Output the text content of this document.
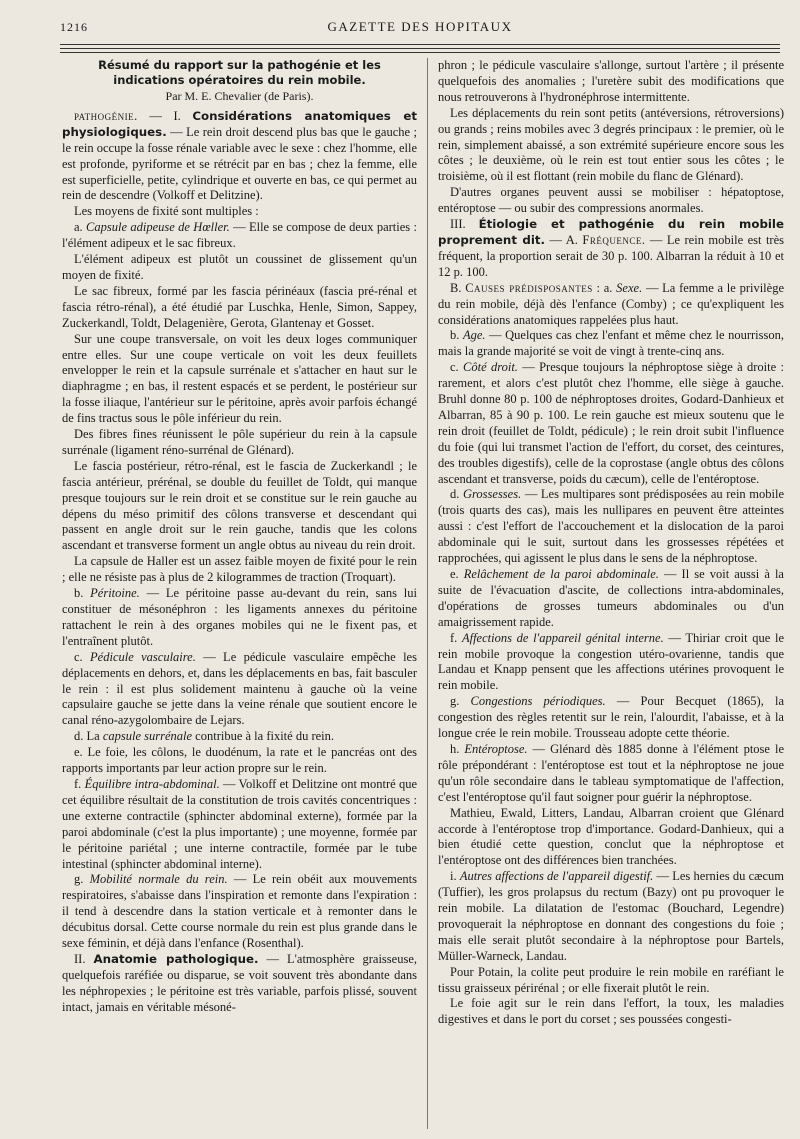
1216	GAZETTE DES HOPITAUX
Résumé du rapport sur la pathogénie et les indications opératoires du rein mobile.
Par M. E. Chevalier (de Paris).

pathogénie. — I. Considérations anatomiques et physiologiques. — Le rein droit descend plus bas que le gauche ; le rein occupe la fosse rénale variable avec le sexe : chez l'homme, elle est profonde, pyriforme et se rétrécit par en bas ; chez la femme, elle est superficielle, petite, cylindrique et ouverte en bas, ce qui permet au rein de descendre (Volkoff et Delitzine).

Les moyens de fixité sont multiples :

a. Capsule adipeuse de Hœller. — Elle se compose de deux parties : l'élément adipeux et le sac fibreux.

L'élément adipeux est plutôt un coussinet de glissement qu'un moyen de fixité.

Le sac fibreux, formé par les fascia périnéaux (fascia pré-rénal et fascia rétro-rénal), a été étudié par Luschka, Henle, Simon, Sappey, Zuckerkandl, Toldt, Delagenière, Gerota, Glantenay et Gosset.

Sur une coupe transversale, on voit les deux loges communiquer entre elles. Sur une coupe verticale on voit les deux feuillets envelopper le rein et la capsule surrénale et s'attacher en haut sur le diaphragme ; en bas, il restent espacés et se perdent, le postérieur sur la fosse iliaque, l'antérieur sur le péritoine, après avoir parfois échangé de fins tractus sous le pôle inférieur du rein.

Des fibres fines réunissent le pôle supérieur du rein à la capsule surrénale (ligament réno-surrénal de Glénard).

Le fascia postérieur, rétro-rénal, est le fascia de Zuckerkandl ; le fascia antérieur, prérénal, se double du feuillet de Toldt, qui manque presque toujours sur le rein droit et se constitue sur le rein gauche au dépens du méso primitif des côlons transverse et descendant qui passent en angle droit sur le rein gauche, tandis que les colons ascendant et transverse forment un angle obtus au niveau du rein droit.

La capsule de Haller est un assez faible moyen de fixité pour le rein ; elle ne résiste pas à plus de 2 kilogrammes de traction (Troquart).

b. Péritoine. — Le péritoine passe au-devant du rein, sans lui constituer de mésonéphron : les ligaments annexes du péritoine rattachent le rein à des organes mobiles qui ne le fixent pas, et l'entraînent plutôt.

c. Pédicule vasculaire. — Le pédicule vasculaire empêche les déplacements en dehors, et, dans les déplacements en bas, fait basculer le rein : il est plus solidement maintenu à gauche où la veine capsulaire gauche se jette dans la veine rénale que soutient encore le canal réno-azygolombaire de Lejars.

d. La capsule surrénale contribue à la fixité du rein.

e. Le foie, les côlons, le duodénum, la rate et le pancréas ont des rapports importants par leur action propre sur le rein.

f. Équilibre intra-abdominal. — Volkoff et Delitzine ont montré que cet équilibre résultait de la constitution de trois cavités concentriques : une externe contractile (sphincter abdominal externe), formée par la paroi abdominale (c'est la plus importante) ; une moyenne, formée par le péritoine pariétal ; une interne contractile, formée par le tube intestinal (sphincter abdominal interne).

g. Mobilité normale du rein. — Le rein obéit aux mouvements respiratoires, s'abaisse dans l'inspiration et remonte dans l'expiration : il tend à descendre dans la station verticale et à remonter dans le décubitus dorsal. Cette course normale du rein est plus grande dans le sexe féminin, et déjà dans l'enfance (Rosenthal).

II. Anatomie pathologique. — L'atmosphère graisseuse, quelquefois raréfiée ou disparue, se voit souvent très abondante dans les néphropexies ; le péritoine est très variable, parfois plissé, souvent intact, jamais en véritable mésoné-

phron ; le pédicule vasculaire s'allonge, surtout l'artère ; il présente quelquefois des anomalies ; l'uretère subit des modifications que nous retrouverons à l'hydronéphrose intermittente.

Les déplacements du rein sont petits (antéversions, rétroversions) ou grands ; reins mobiles avec 3 degrés principaux : le premier, où le rein, simplement abaissé, a son extrémité supérieure encore sous les côtes ; le deuxième, où le rein est tout entier sous les côtes ; le troisième, où il est flottant (rein mobile du flanc de Glénard).

D'autres organes peuvent aussi se mobiliser : hépatoptose, entéroptose — ou subir des compressions anormales.

III. Étiologie et pathogénie du rein mobile proprement dit. — A. Fréquence. — Le rein mobile est très fréquent, la proportion serait de 30 p. 100. Albarran la réduit à 10 et 12 p. 100.

B. Causes prédisposantes : a. Sexe. — La femme a le privilège du rein mobile, déjà dès l'enfance (Comby) ; ce qu'expliquent les considérations anatomiques rappelées plus haut.

b. Age. — Quelques cas chez l'enfant et même chez le nourrisson, mais la grande majorité se voit de vingt à trente-cinq ans.

c. Côté droit. — Presque toujours la néphroptose siège à droite : rarement, et alors c'est plutôt chez l'homme, elle siège à gauche. Bruhl donne 80 p. 100 de néphroptoses droites, Godard-Danhieux et Albarran, 85 à 90 p. 100. Le rein gauche est mieux soutenu que le rein droit (feuillet de Toldt, pédicule) ; le rein droit subit l'influence du foie (qui lui transmet l'action de l'effort, du corset, des ceintures, des troubles digestifs), celle de la coprostase (angle obtus des côlons ascendant et transverse, poids du cæcum), celle de l'entéroptose.

d. Grossesses. — Les multipares sont prédisposées au rein mobile (trois quarts des cas), mais les nullipares en peuvent être atteintes aussi : c'est l'effort de l'accouchement et la dislocation de la paroi abdominale qui le suit, surtout dans les grossesses répétées et rapprochées, qui agissent le plus dans le sens de la néphroptose.

e. Relâchement de la paroi abdominale. — Il se voit aussi à la suite de l'évacuation d'ascite, de collections intra-abdominales, d'opérations de grosses tumeurs abdominales ou d'un amaigrissement rapide.

f. Affections de l'appareil génital interne. — Thiriar croit que le rein mobile provoque la congestion utéro-ovarienne, tandis que Landau et Knapp pensent que les affections utérines provoquent le rein mobile.

g. Congestions périodiques. — Pour Becquet (1865), la congestion des règles retentit sur le rein, l'alourdit, l'abaisse, et à la longue crée le rein mobile. Trousseau adopte cette théorie.

h. Entéroptose. — Glénard dès 1885 donne à l'élément ptose le rôle prépondérant : l'entéroptose est tout et la néphroptose ne joue qu'un rôle secondaire dans le tableau symptomatique de l'affection, c'est l'entéroptose qu'il faut soigner pour guérir la néphroptose.

Mathieu, Ewald, Litters, Landau, Albarran croient que Glénard accorde à l'entéroptose trop d'importance. Godard-Danhieux, qui a bien étudié cette question, conclut que la néphroptose et l'entéroptose ont des différences bien tranchées.

i. Autres affections de l'appareil digestif. — Les hernies du cæcum (Tuffier), les gros prolapsus du rectum (Bazy) ont pu provoquer le rein mobile. La dilatation de l'estomac (Bouchard, Legendre) provoquerait la néphroptose en donnant des congestions du foie ; mais elle serait plutôt secondaire à la néphroptose pour Bartels, Müller-Warneck, Landau.

Pour Potain, la colite peut produire le rein mobile en raréfiant le tissu graisseux périrénal ; or elle fixerait plutôt le rein.

Le foie agit sur le rein dans l'effort, la toux, les maladies digestives et dans le port du corset ; ses poussées congesti-
